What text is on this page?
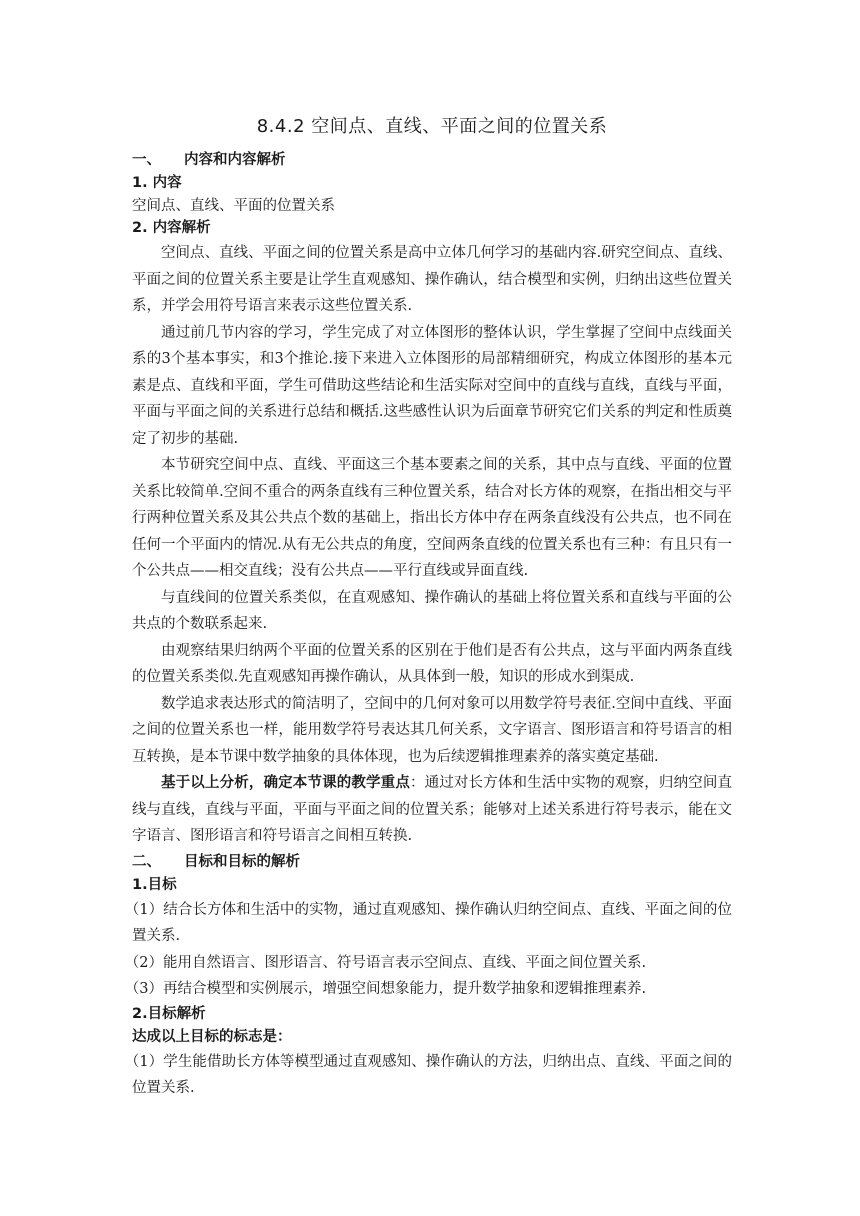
8.4.2 空间点、直线、平面之间的位置关系
一、	内容和内容解析
1. 内容

空间点、直线、平面的位置关系

2. 内容解析

空间点、直线、平面之间的位置关系是高中立体几何学习的基础内容.研究空间点、直线、平面之间的位置关系主要是让学生直观感知、操作确认，结合模型和实例，归纳出这些位置关系，并学会用符号语言来表示这些位置关系.

通过前几节内容的学习，学生完成了对立体图形的整体认识，学生掌握了空间中点线面关系的3个基本事实，和3个推论.接下来进入立体图形的局部精细研究，构成立体图形的基本元素是点、直线和平面，学生可借助这些结论和生活实际对空间中的直线与直线，直线与平面，平面与平面之间的关系进行总结和概括.这些感性认识为后面章节研究它们关系的判定和性质奠定了初步的基础.

本节研究空间中点、直线、平面这三个基本要素之间的关系，其中点与直线、平面的位置关系比较简单.空间不重合的两条直线有三种位置关系，结合对长方体的观察，在指出相交与平行两种位置关系及其公共点个数的基础上，指出长方体中存在两条直线没有公共点，也不同在任何一个平面内的情况.从有无公共点的角度，空间两条直线的位置关系也有三种：有且只有一个公共点——相交直线；没有公共点——平行直线或异面直线.

与直线间的位置关系类似，在直观感知、操作确认的基础上将位置关系和直线与平面的公共点的个数联系起来.

由观察结果归纳两个平面的位置关系的区别在于他们是否有公共点，这与平面内两条直线的位置关系类似.先直观感知再操作确认，从具体到一般，知识的形成水到渠成.

数学追求表达形式的简洁明了，空间中的几何对象可以用数学符号表征.空间中直线、平面之间的位置关系也一样，能用数学符号表达其几何关系，文字语言、图形语言和符号语言的相互转换，是本节课中数学抽象的具体体现，也为后续逻辑推理素养的落实奠定基础.

基于以上分析，确定本节课的教学重点：通过对长方体和生活中实物的观察，归纳空间直线与直线，直线与平面，平面与平面之间的位置关系；能够对上述关系进行符号表示，能在文字语言、图形语言和符号语言之间相互转换.

二、	目标和目标的解析
1.目标

（1）结合长方体和生活中的实物，通过直观感知、操作确认归纳空间点、直线、平面之间的位置关系.

（2）能用自然语言、图形语言、符号语言表示空间点、直线、平面之间位置关系.

（3）再结合模型和实例展示，增强空间想象能力，提升数学抽象和逻辑推理素养.

2.目标解析
达成以上目标的标志是：

（1）学生能借助长方体等模型通过直观感知、操作确认的方法，归纳出点、直线、平面之间的位置关系.
